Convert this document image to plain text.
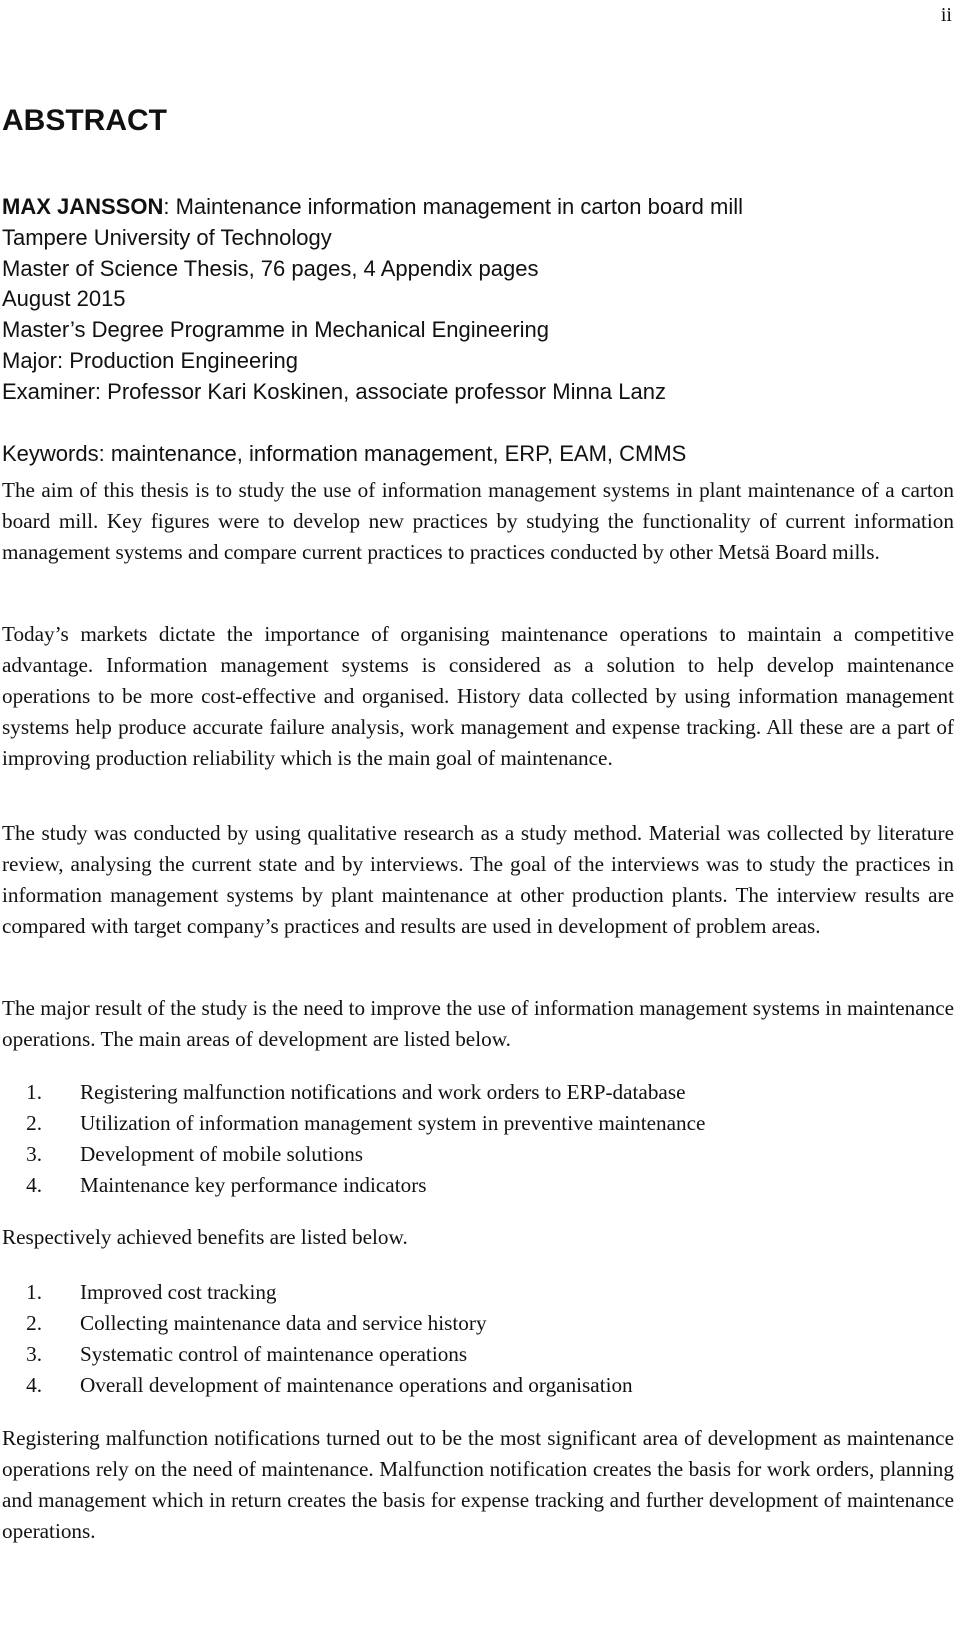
ii
ABSTRACT
MAX JANSSON: Maintenance information management in carton board mill
Tampere University of Technology
Master of Science Thesis, 76 pages, 4 Appendix pages
August 2015
Master’s Degree Programme in Mechanical Engineering
Major: Production Engineering
Examiner: Professor Kari Koskinen, associate professor Minna Lanz
Keywords: maintenance, information management, ERP, EAM, CMMS

The aim of this thesis is to study the use of information management systems in plant maintenance of a carton board mill. Key figures were to develop new practices by studying the functionality of current information management systems and compare current practices to practices conducted by other Metsä Board mills.

Today’s markets dictate the importance of organising maintenance operations to maintain a competitive advantage. Information management systems is considered as a solution to help develop maintenance operations to be more cost-effective and organised. History data collected by using information management systems help produce accurate failure analysis, work management and expense tracking. All these are a part of improving production reliability which is the main goal of maintenance.

The study was conducted by using qualitative research as a study method. Material was collected by literature review, analysing the current state and by interviews. The goal of the interviews was to study the practices in information management systems by plant maintenance at other production plants. The interview results are compared with target company’s practices and results are used in development of problem areas.

The major result of the study is the need to improve the use of information management systems in maintenance operations. The main areas of development are listed below.

1. Registering malfunction notifications and work orders to ERP-database
2. Utilization of information management system in preventive maintenance
3. Development of mobile solutions
4. Maintenance key performance indicators

Respectively achieved benefits are listed below.

1. Improved cost tracking
2. Collecting maintenance data and service history
3. Systematic control of maintenance operations
4. Overall development of maintenance operations and organisation

Registering malfunction notifications turned out to be the most significant area of development as maintenance operations rely on the need of maintenance. Malfunction notification creates the basis for work orders, planning and management which in return creates the basis for expense tracking and further development of maintenance operations.
